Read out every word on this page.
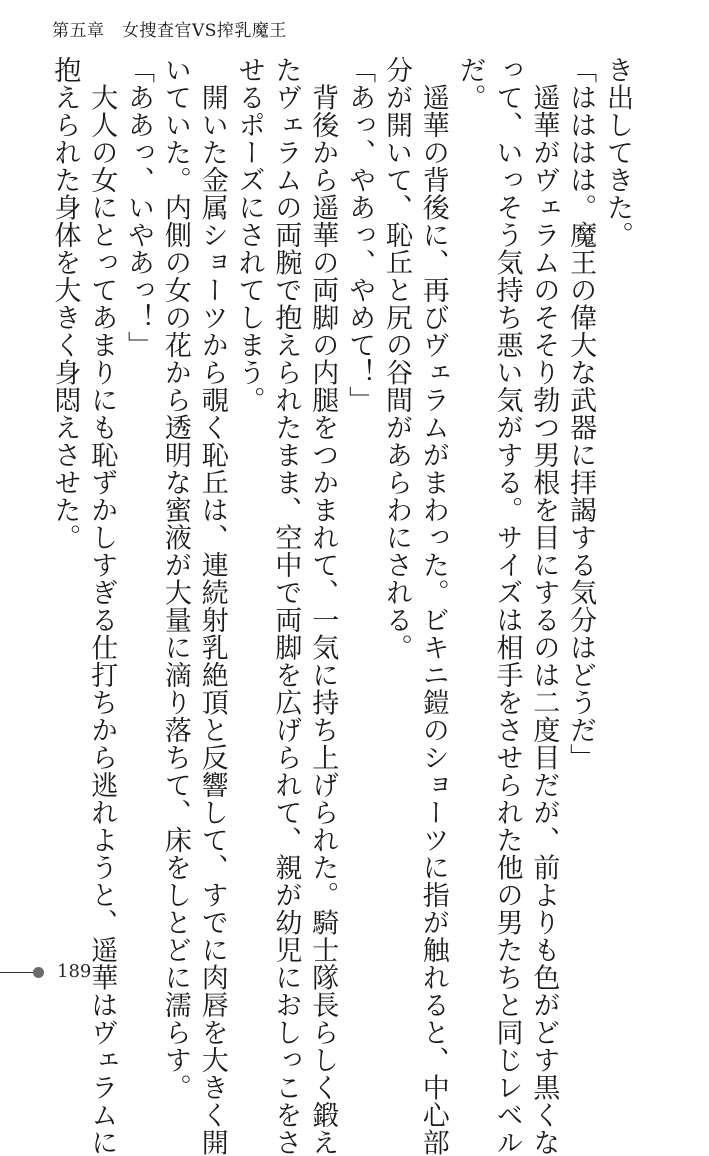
第五章　女捜査官VS搾乳魔王

き出してきた。

「はははは。魔王の偉大な武器に拝謁する気分はどうだ」

　遥華がヴェラムのそそり勃つ男根を目にするのは二度目だが、前よりも色がどす黒くな

って、いっそう気持ち悪い気がする。サイズは相手をさせられた他の男たちと同じレベル

だ。

　遥華の背後に、再びヴェラムがまわった。ビキニ鎧のショーツに指が触れると、中心部

分が開いて、恥丘と尻の谷間があらわにされる。

「あっ、やあっ、やめて！」

　背後から遥華の両脚の内腿をつかまれて、一気に持ち上げられた。騎士隊長らしく鍛え

たヴェラムの両腕で抱えられたまま、空中で両脚を広げられて、親が幼児におしっこをさ

せるポーズにされてしまう。

　開いた金属ショーツから覗く恥丘は、連続射乳絶頂と反響して、すでに肉唇を大きく開

いていた。内側の女の花から透明な蜜液が大量に滴り落ちて、床をしとどに濡らす。

「ああっ、いやあっ！」

　大人の女にとってあまりにも恥ずかしすぎる仕打ちから逃れようと、遥華はヴェラムに

抱えられた身体を大きく身悶えさせた。

189
